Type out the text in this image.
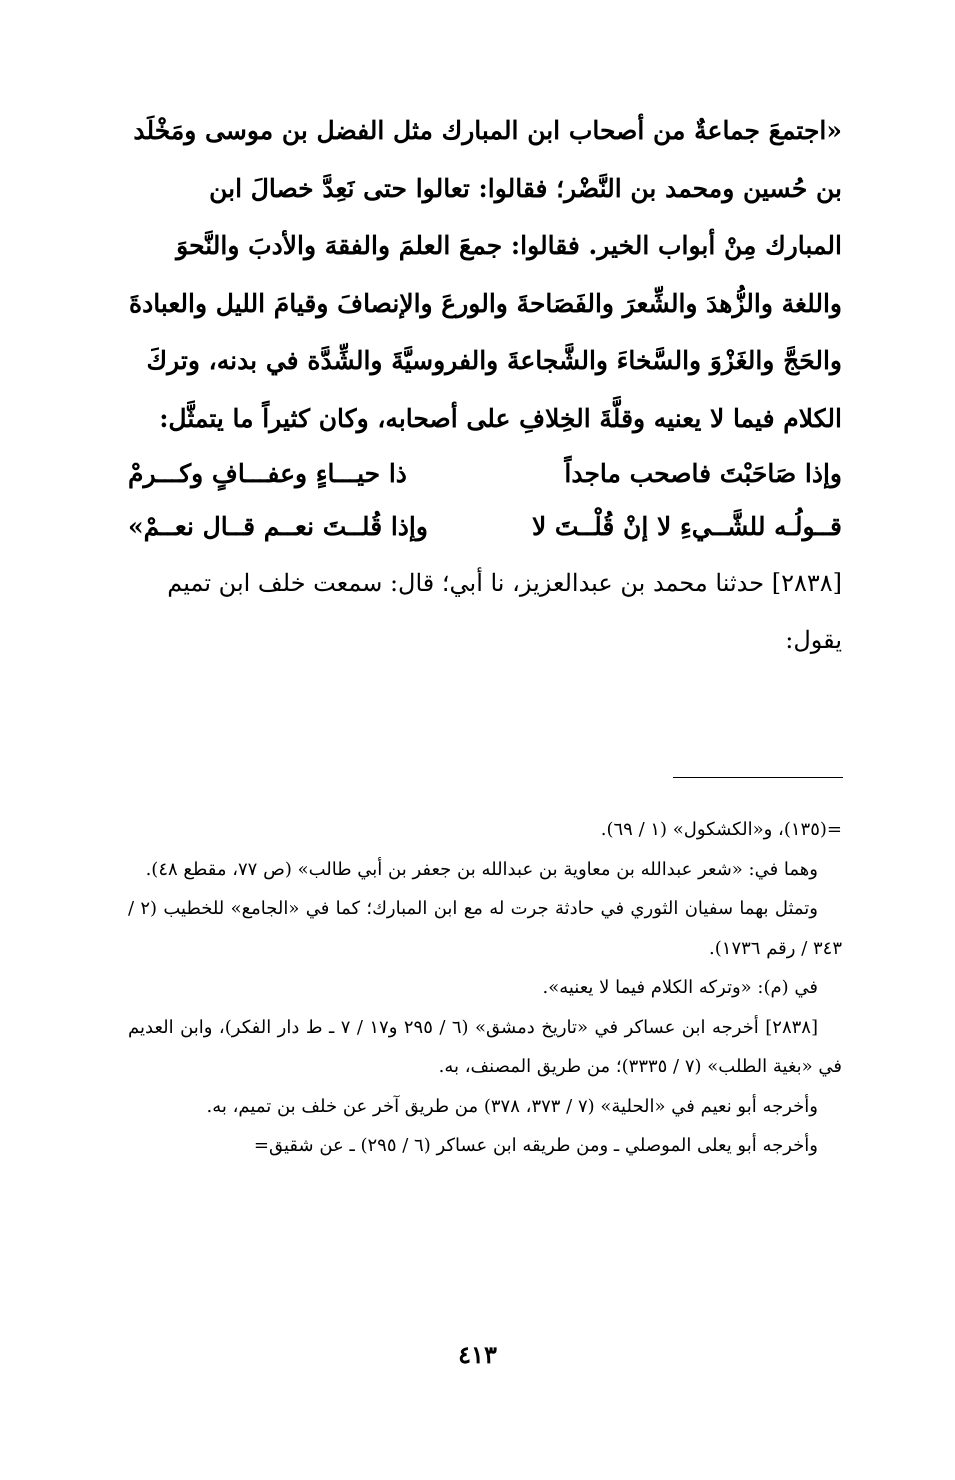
«اجتمعَ جماعةٌ من أصحاب ابن المبارك مثل الفضل بن موسى ومَخْلَد بن حُسين ومحمد بن النَّضْر؛ فقالوا: تعالوا حتى نَعِدَّ خصالَ ابن المبارك مِنْ أبواب الخير. فقالوا: جمعَ العلمَ والفقهَ والأدبَ والنَّحوَ واللغة والزُّهدَ والشِّعرَ والفَصَاحةَ والورعَ والإنصافَ وقيامَ الليل والعبادةَ والحَجَّ والغَزْوَ والسَّخاءَ والشَّجاعةَ والفروسيَّةَ والشِّدَّة في بدنه، وتركَ الكلام فيما لا يعنيه وقلَّةَ الخِلافِ على أصحابه، وكان كثيراً ما يتمثَّل:

وإذا صَاحَبْتَ فاصحب ماجداً
ذا حيـــاءٍ وعفـــافٍ وكـــرمْ
قــولُـه للشَّــيءِ لا إنْ قُلْــتَ لا
وإذا قُلــتَ نعــم قــال نعــمْ»

[٢٨٣٨] حدثنا محمد بن عبدالعزيز، نا أبي؛ قال: سمعت خلف ابن تميم يقول:

=(١٣٥)، و«الكشكول» (١ / ٦٩).

وهما في: «شعر عبدالله بن معاوية بن عبدالله بن جعفر بن أبي طالب» (ص ٧٧، مقطع ٤٨).

وتمثل بهما سفيان الثوري في حادثة جرت له مع ابن المبارك؛ كما في «الجامع» للخطيب (٢ / ٣٤٣ / رقم ١٧٣٦).

في (م): «وتركه الكلام فيما لا يعنيه».

[٢٨٣٨] أخرجه ابن عساكر في «تاريخ دمشق» (٦ / ٢٩٥ و١٧ / ٧ ـ ط دار الفكر)، وابن العديم في «بغية الطلب» (٧ / ٣٣٣٥)؛ من طريق المصنف، به.

وأخرجه أبو نعيم في «الحلية» (٧ / ٣٧٣، ٣٧٨) من طريق آخر عن خلف بن تميم، به.

وأخرجه أبو يعلى الموصلي ـ ومن طريقه ابن عساكر (٦ / ٢٩٥) ـ عن شقيق=

٤١٣
